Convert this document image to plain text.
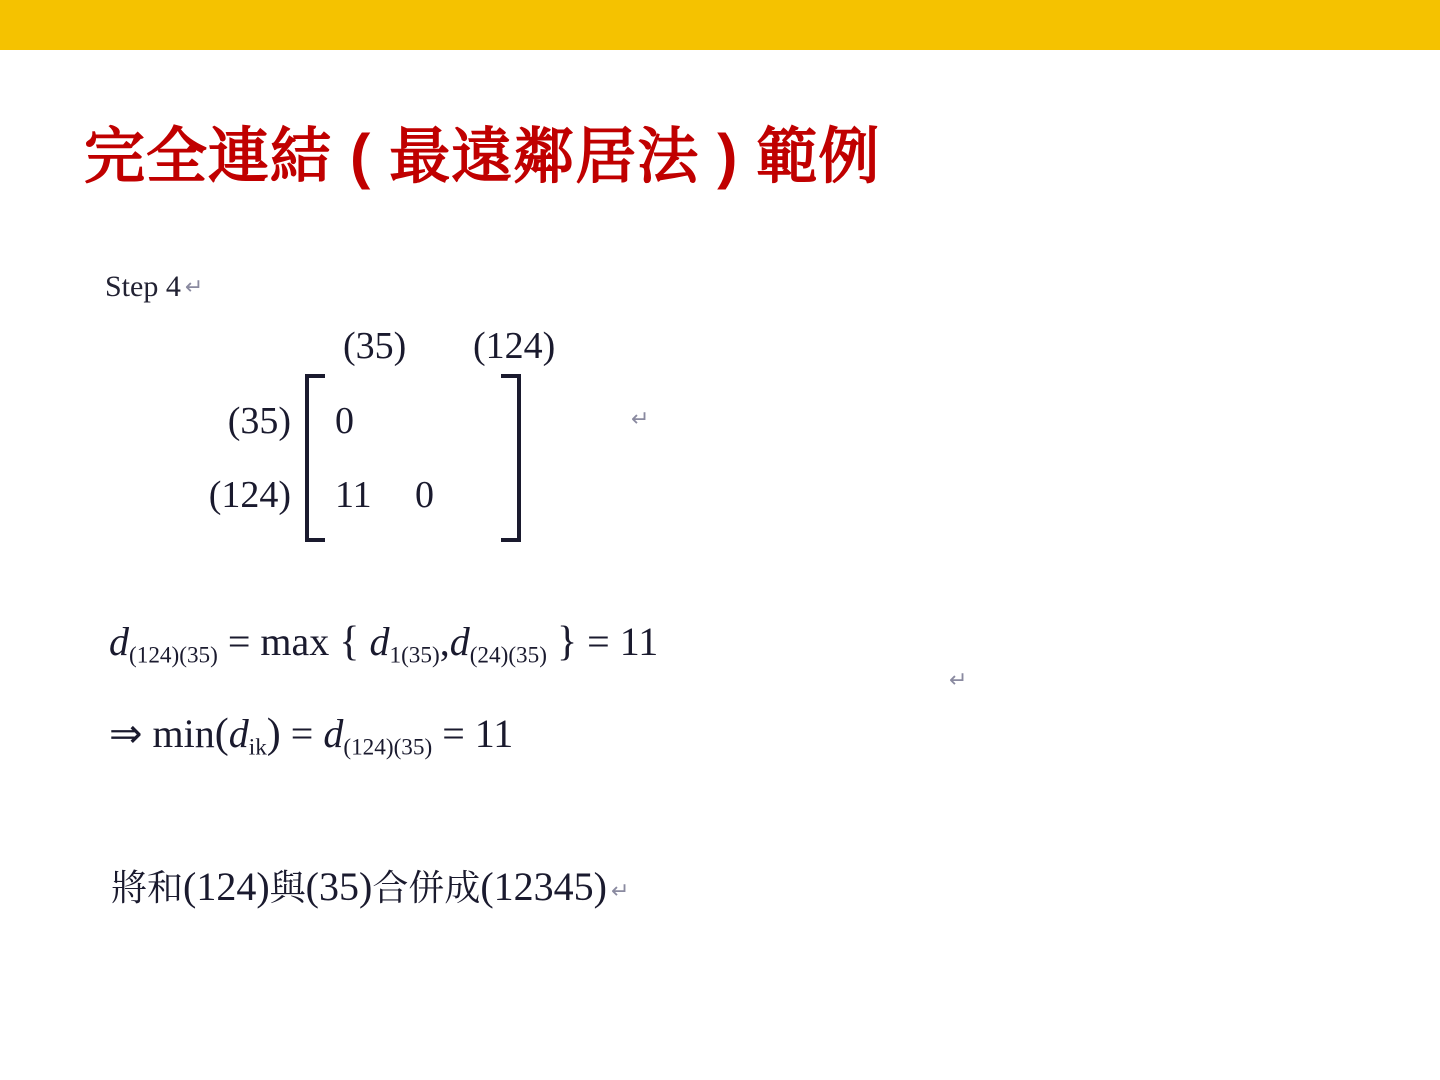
完全連結 ( 最遠鄰居法 ) 範例
Step 4 ↵
(35)	(124)
(35)
(124)
0
11	0
↵
$d_{(124)(35)} = \max$ { $d_{1(35)},d_{(24)(35)}$ } = 11
↵
⇒ $\min(d_{ik}) = d_{(124)(35)} = 11$
將和(124)與(35)合併成(12345) ↵
